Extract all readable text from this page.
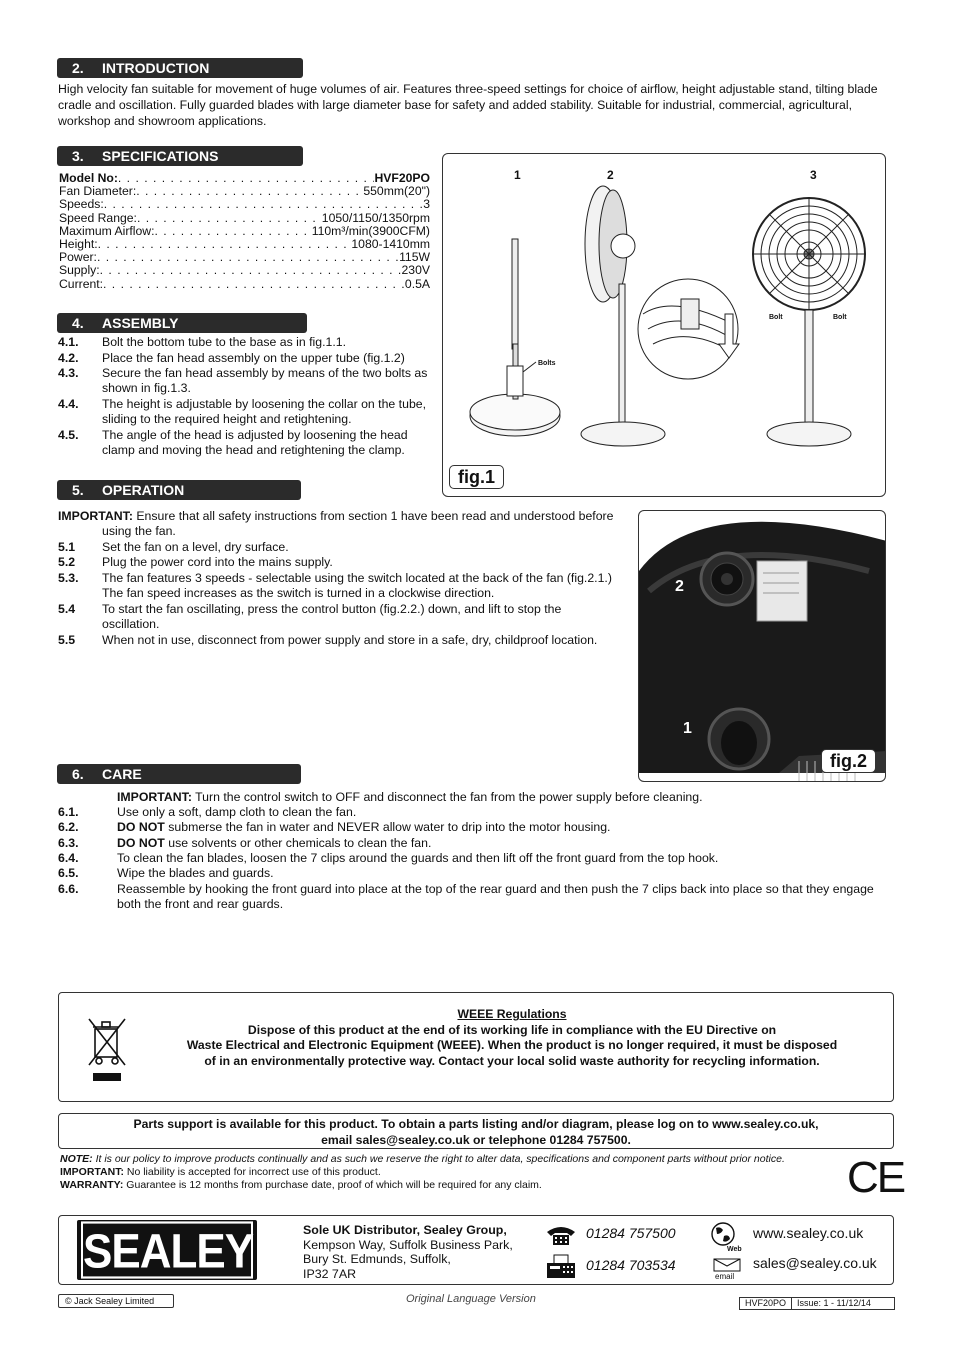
2. INTRODUCTION

High velocity fan suitable for movement of huge volumes of air. Features three-speed settings for choice of airflow, height adjustable stand, tilting blade cradle and oscillation. Fully guarded blades with large diameter base for safety and added stability. Suitable for industrial, commercial, agricultural, workshop and showroom applications.

3. SPECIFICATIONS
Model No: . . .	HVF20PO
Fan Diameter: . . .	550mm(20")
Speeds: . . .	3
Speed Range: . . .	1050/1150/1350rpm
Maximum Airflow: . . .	110m³/min(3900CFM)
Height: . . .	1080-1410mm
Power: . . .	115W
Supply: . . .	230V
Current: . . .	0.5A
4. ASSEMBLY
4.1. Bolt the bottom tube to the base as in fig.1.1.
4.2. Place the fan head assembly on the upper tube (fig.1.2)
4.3. Secure the fan head assembly by means of the two bolts as shown in fig.1.3.
4.4. The height is adjustable by loosening the collar on the tube, sliding to the required height and retightening.
4.5. The angle of the head is adjusted by loosening the head clamp and moving the head and retightening the clamp.
1	2	3
Bolts
Bolt	Bolt
fig.1
5. OPERATION
IMPORTANT: Ensure that all safety instructions from section 1 have been read and understood before using the fan.
5.1 Set the fan on a level, dry surface.
5.2 Plug the power cord into the mains supply.
5.3. The fan features 3 speeds - selectable using the switch located at the back of the fan (fig.2.1.) The fan speed increases as the switch is turned in a clockwise direction.
5.4 To start the fan oscillating, press the control button (fig.2.2.) down, and lift to stop the oscillation.
5.5 When not in use, disconnect from power supply and store in a safe, dry, childproof location.
2
1
fig.2
6. CARE
IMPORTANT: Turn the control switch to OFF and disconnect the fan from the power supply before cleaning.
6.1.	Use only a soft, damp cloth to clean the fan.
6.2.	DO NOT submerse the fan in water and NEVER allow water to drip into the motor housing.
6.3.	DO NOT use solvents or other chemicals to clean the fan.
6.4.	To clean the fan blades, loosen the 7 clips around the guards and then lift off the front guard from the top hook.
6.5.	Wipe the blades and guards.
6.6.	Reassemble by hooking the front guard into place at the top of the rear guard and then push the 7 clips back into place so that they engage both the front and rear guards.
WEEE Regulations
Dispose of this product at the end of its working life in compliance with the EU Directive on
Waste Electrical and Electronic Equipment (WEEE). When the product is no longer required, it must be disposed
of in an environmentally protective way. Contact your local solid waste authority for recycling information.
Parts support is available for this product. To obtain a parts listing and/or diagram, please log on to www.sealey.co.uk,
email sales@sealey.co.uk or telephone 01284 757500.
NOTE: It is our policy to improve products continually and as such we reserve the right to alter data, specifications and component parts without prior notice.
IMPORTANT: No liability is accepted for incorrect use of this product.
WARRANTY: Guarantee is 12 months from purchase date, proof of which will be required for any claim.	CE
SEALEY	Sole UK Distributor, Sealey Group,
Kempson Way, Suffolk Business Park,
Bury St. Edmunds, Suffolk,
IP32 7AR
01284 757500
01284 703534
Web
www.sealey.co.uk
email
sales@sealey.co.uk
© Jack Sealey Limited	Original Language Version	HVF20PO	Issue: 1 - 11/12/14
